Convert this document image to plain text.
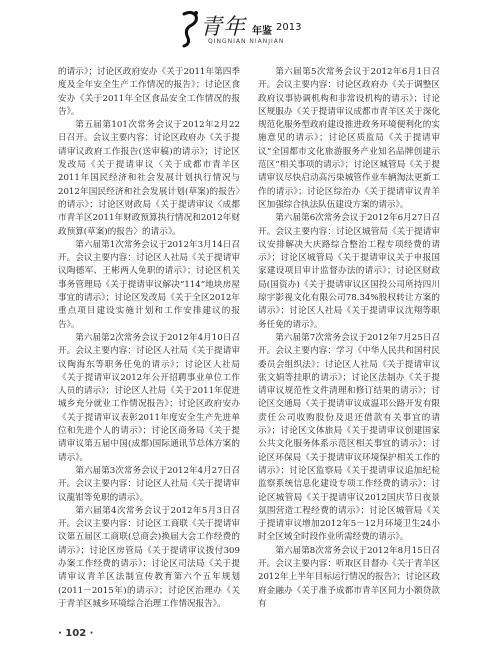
青年 年鉴 2013
QINGNIAN NIANJIAN

的请示》；讨论区政府安办《关于2011年第四季度及全年安全生产工作情况的报告》；讨论区食安办《关于2011年全区食品安全工作情况的报告》。

第五届第101次常务会议于2012年2月22日召开。会议主要内容：讨论区政府办《关于提请审议政府工作报告(送审稿)的请示》；讨论区发改局《关于提请审议〈关于成都市青羊区2011年国民经济和社会发展计划执行情况与2012年国民经济和社会发展计划(草案)的报告〉的请示》；讨论区财政局《关于提请审议〈成都市青羊区2011年财政预算执行情况和2012年财政预算(草案)的报告〉的请示》。

第六届第1次常务会议于2012年3月14日召开。会议主要内容：讨论区人社局《关于提请审议陶德军、王彬两人免职的请示》；讨论区机关事务管理局《关于提请审议解决“114”地块房屋事宜的请示》；讨论区发改局《关于全区2012年重点项目建设实施计划和工作安排建议的报告》。

第六届第2次常务会议于2012年4月10日召开。会议主要内容：讨论区人社局《关于提请审议陶海东等职务任免的请示》；讨论区人社局《关于提请审议2012年公开招聘事业单位工作人员的请示》；讨论区人社局《关于2011年促进城乡充分就业工作情况报告》；讨论区政府安办《关于提请审议表彰2011年度安全生产先进单位和先进个人的请示》；讨论区商务局《关于提请审议第五届中国(成都)国际通讯节总体方案的请示》。

第六届第3次常务会议于2012年4月27日召开。会议主要内容：讨论区人社局《关于提请审议龍钳等免职的请示》。

第六届第4次常务会议于2012年5月3日召开。会议主要内容：讨论区工商联《关于提请审议第五届区工商联(总商会)换届大会工作经费的请示》；讨论区房管局《关于提请审议拨付309办案工作经费的请示》；讨论区司法局《关于提请审议青羊区法制宣传教育第六个五年规划(2011－2015年)的请示》；讨论区治理办《关于青羊区城乡环境综合治理工作情况报告》。

第六届第5次常务会议于2012年6月1日召开。会议主要内容：讨论区政府办《关于调整区政府议事协调机构和非常设机构的请示》；讨论区规服办《关于提请审议成都市青羊区关于深化规范化服务型政府建设推进政务环境便利化的实施意见的请示》；讨论区质监局《关于提请审议“全国都市文化旅游服务产业知名品牌创建示范区”相关事项的请示》；讨论区城管局《关于提请审议尽快启动高污染城管作业车辆淘汰更新工作的请示》；讨论区综治办《关于提请审议青羊区加强综合执法队伍建设方案的请示》。

第六届第6次常务会议于2012年6月27日召开。会议主要内容：讨论区城管局《关于提请审议安排解决大庆路综合整治工程专项经费的请示》；讨论区城管局《关于提请审议关于申报国家建设项目审计监督办法的请示》；讨论区财政局(国资办)《关于提请审议区国投公司所持四川琼宇影视文化有限公司78.34%股权转让方案的请示》；讨论区人社局《关于提请审议沈翔等职务任免的请示》。

第六届第7次常务会议于2012年7月25日召开。会议主要内容：学习《中华人民共和国村民委员会组织法》；讨论区人社局《关于提请审议张文娟等挂职的请示》；讨论区法制办《关于提请审议规范性文件清理和修订结果的请示》；讨论区交通局《关于提请审议成温邛公路开发有限责任公司收购股份及退还借款有关事宜的请示》；讨论区文体旅局《关于提请审议创建国家公共文化服务体系示范区相关事宜的请示》；讨论区环保局《关于提请审议环境保护相关工作的请示》；讨论区监察局《关于提请审议追加纪检监察系统信息化建设专项工作经费的请示》；讨论区城管局《关于提请审议2012国庆节日夜景氛围营造工程经费的请示》；讨论区城管局《关于提请审议增加2012年5－12月环境卫生24小时全区域全时段作业所需经费的请示》。

第六届第8次常务会议于2012年8月15日召开。会议主要内容：听取区目督办《关于青羊区2012年上半年目标运行情况的报告》；讨论区政府金融办《关于准予成都市青羊区同力小额贷款有

· 102 ·
